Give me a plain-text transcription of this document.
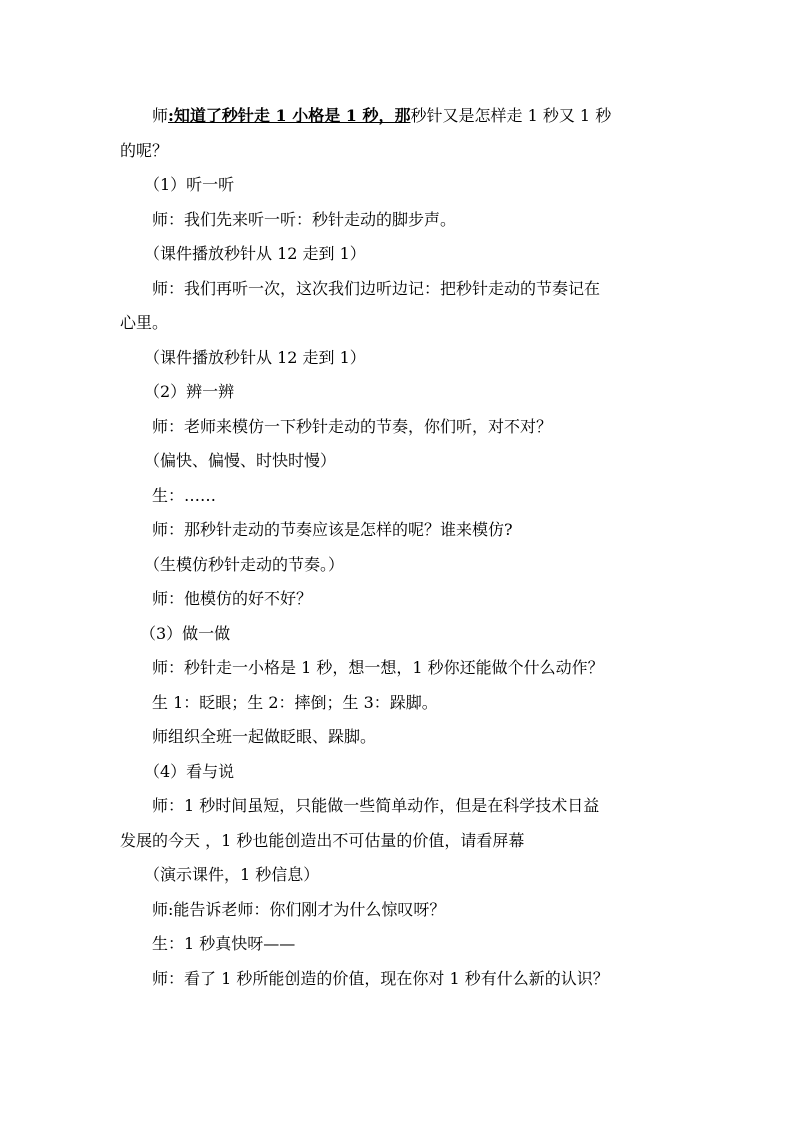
师:知道了秒针走 1 小格是 1 秒，那秒针又是怎样走 1 秒又 1 秒

的呢？

（1）听一听

师：我们先来听一听：秒针走动的脚步声。

（课件播放秒针从 12 走到 1）

师：我们再听一次，这次我们边听边记：把秒针走动的节奏记在

心里。

（课件播放秒针从 12 走到 1）

（2）辨一辨

师：老师来模仿一下秒针走动的节奏，你们听，对不对？

（偏快、偏慢、时快时慢）

生：……

师：那秒针走动的节奏应该是怎样的呢？谁来模仿?

（生模仿秒针走动的节奏。）

师：他模仿的好不好？

（3）做一做

师：秒针走一小格是 1 秒，想一想，1 秒你还能做个什么动作？

生 1：眨眼；生 2：摔倒；生 3：跺脚。

师组织全班一起做眨眼、跺脚。

（4）看与说

师：1 秒时间虽短，只能做一些简单动作，但是在科学技术日益

发展的今天 ，1 秒也能创造出不可估量的价值，请看屏幕

（演示课件，1 秒信息）

师:能告诉老师：你们刚才为什么惊叹呀？

生：1 秒真快呀——

师：看了 1 秒所能创造的价值，现在你对 1 秒有什么新的认识？
